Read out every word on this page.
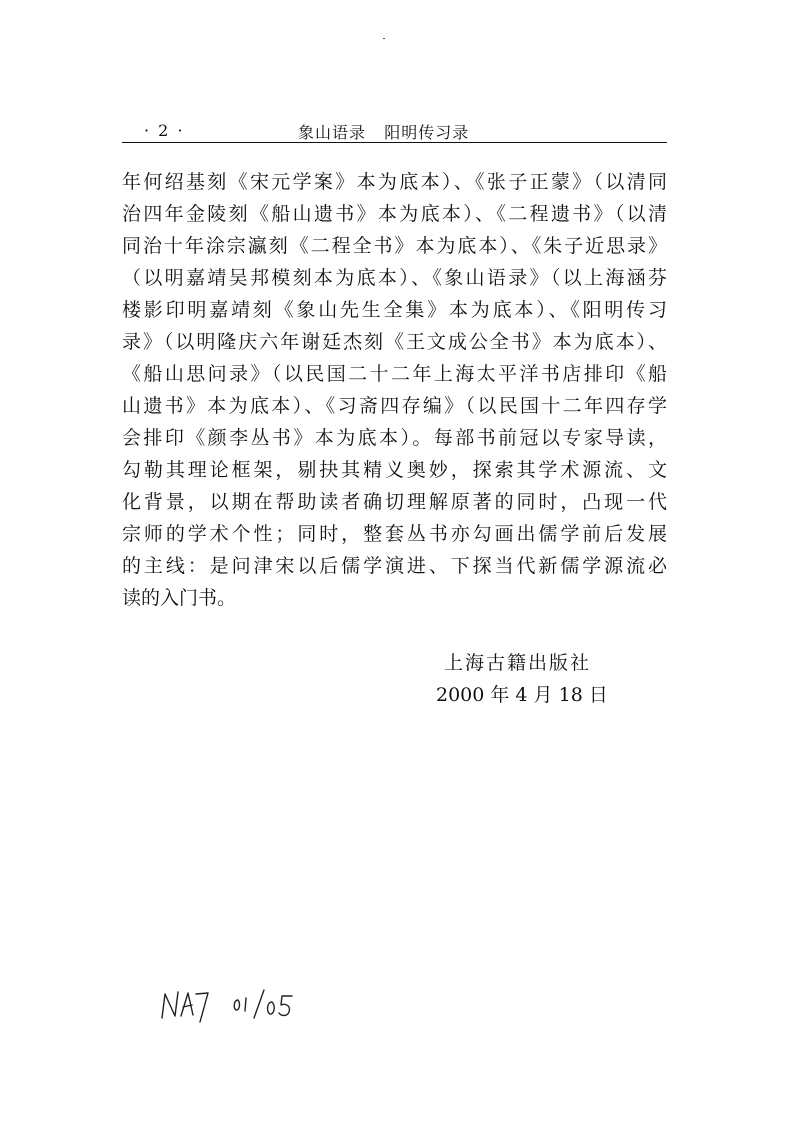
· 2 ·	象山语录   阳明传习录
年何绍基刻《宋元学案》本为底本）、《张子正蒙》（以清同
治四年金陵刻《船山遗书》本为底本）、《二程遗书》（以清
同治十年涂宗瀛刻《二程全书》本为底本）、《朱子近思录》
（以明嘉靖吴邦模刻本为底本）、《象山语录》（以上海涵芬
楼影印明嘉靖刻《象山先生全集》本为底本）、《阳明传习
录》（以明隆庆六年谢廷杰刻《王文成公全书》本为底本）、
《船山思问录》（以民国二十二年上海太平洋书店排印《船
山遗书》本为底本）、《习斋四存编》（以民国十二年四存学
会排印《颜李丛书》本为底本）。每部书前冠以专家导读，
勾勒其理论框架，剔抉其精义奥妙，探索其学术源流、文
化背景，以期在帮助读者确切理解原著的同时，凸现一代
宗师的学术个性；同时，整套丛书亦勾画出儒学前后发展
的主线：是问津宋以后儒学演进、下探当代新儒学源流必
读的入门书。
上海古籍出版社
2000 年 4 月 18 日
